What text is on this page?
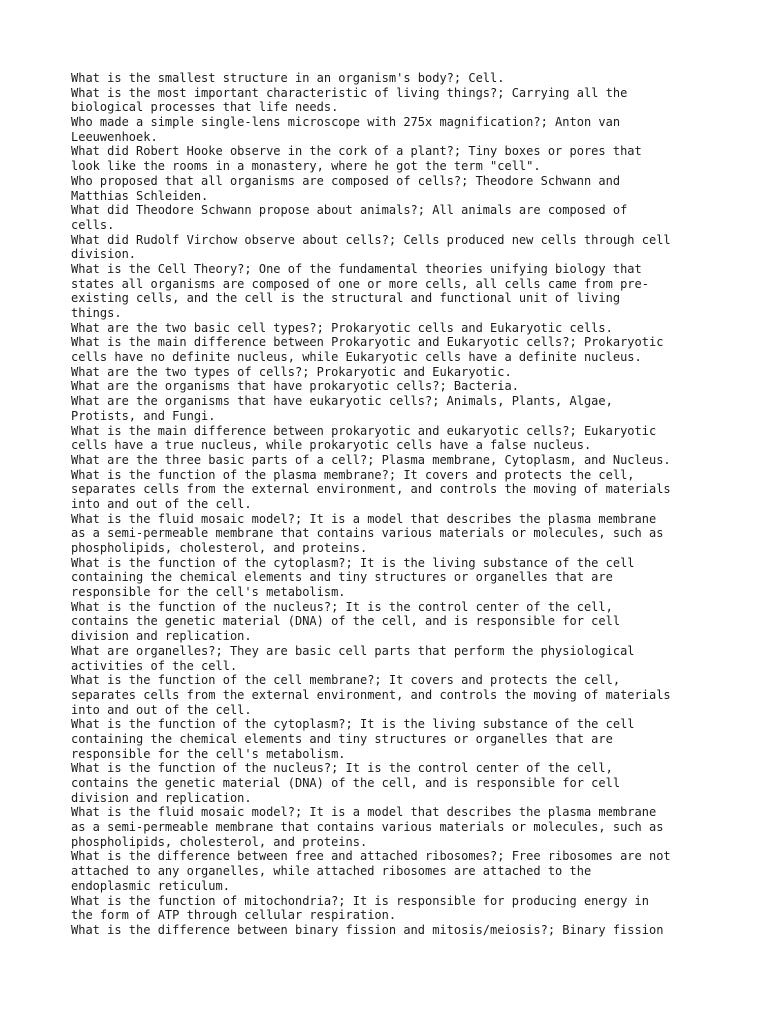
What is the smallest structure in an organism's body?; Cell.
What is the most important characteristic of living things?; Carrying all the
biological processes that life needs.
Who made a simple single-lens microscope with 275x magnification?; Anton van
Leeuwenhoek.
What did Robert Hooke observe in the cork of a plant?; Tiny boxes or pores that
look like the rooms in a monastery, where he got the term "cell".
Who proposed that all organisms are composed of cells?; Theodore Schwann and
Matthias Schleiden.
What did Theodore Schwann propose about animals?; All animals are composed of
cells.
What did Rudolf Virchow observe about cells?; Cells produced new cells through cell
division.
What is the Cell Theory?; One of the fundamental theories unifying biology that
states all organisms are composed of one or more cells, all cells came from pre-
existing cells, and the cell is the structural and functional unit of living
things.
What are the two basic cell types?; Prokaryotic cells and Eukaryotic cells.
What is the main difference between Prokaryotic and Eukaryotic cells?; Prokaryotic
cells have no definite nucleus, while Eukaryotic cells have a definite nucleus.
What are the two types of cells?; Prokaryotic and Eukaryotic.
What are the organisms that have prokaryotic cells?; Bacteria.
What are the organisms that have eukaryotic cells?; Animals, Plants, Algae,
Protists, and Fungi.
What is the main difference between prokaryotic and eukaryotic cells?; Eukaryotic
cells have a true nucleus, while prokaryotic cells have a false nucleus.
What are the three basic parts of a cell?; Plasma membrane, Cytoplasm, and Nucleus.
What is the function of the plasma membrane?; It covers and protects the cell,
separates cells from the external environment, and controls the moving of materials
into and out of the cell.
What is the fluid mosaic model?; It is a model that describes the plasma membrane
as a semi-permeable membrane that contains various materials or molecules, such as
phospholipids, cholesterol, and proteins.
What is the function of the cytoplasm?; It is the living substance of the cell
containing the chemical elements and tiny structures or organelles that are
responsible for the cell's metabolism.
What is the function of the nucleus?; It is the control center of the cell,
contains the genetic material (DNA) of the cell, and is responsible for cell
division and replication.
What are organelles?; They are basic cell parts that perform the physiological
activities of the cell.
What is the function of the cell membrane?; It covers and protects the cell,
separates cells from the external environment, and controls the moving of materials
into and out of the cell.
What is the function of the cytoplasm?; It is the living substance of the cell
containing the chemical elements and tiny structures or organelles that are
responsible for the cell's metabolism.
What is the function of the nucleus?; It is the control center of the cell,
contains the genetic material (DNA) of the cell, and is responsible for cell
division and replication.
What is the fluid mosaic model?; It is a model that describes the plasma membrane
as a semi-permeable membrane that contains various materials or molecules, such as
phospholipids, cholesterol, and proteins.
What is the difference between free and attached ribosomes?; Free ribosomes are not
attached to any organelles, while attached ribosomes are attached to the
endoplasmic reticulum.
What is the function of mitochondria?; It is responsible for producing energy in
the form of ATP through cellular respiration.
What is the difference between binary fission and mitosis/meiosis?; Binary fission
